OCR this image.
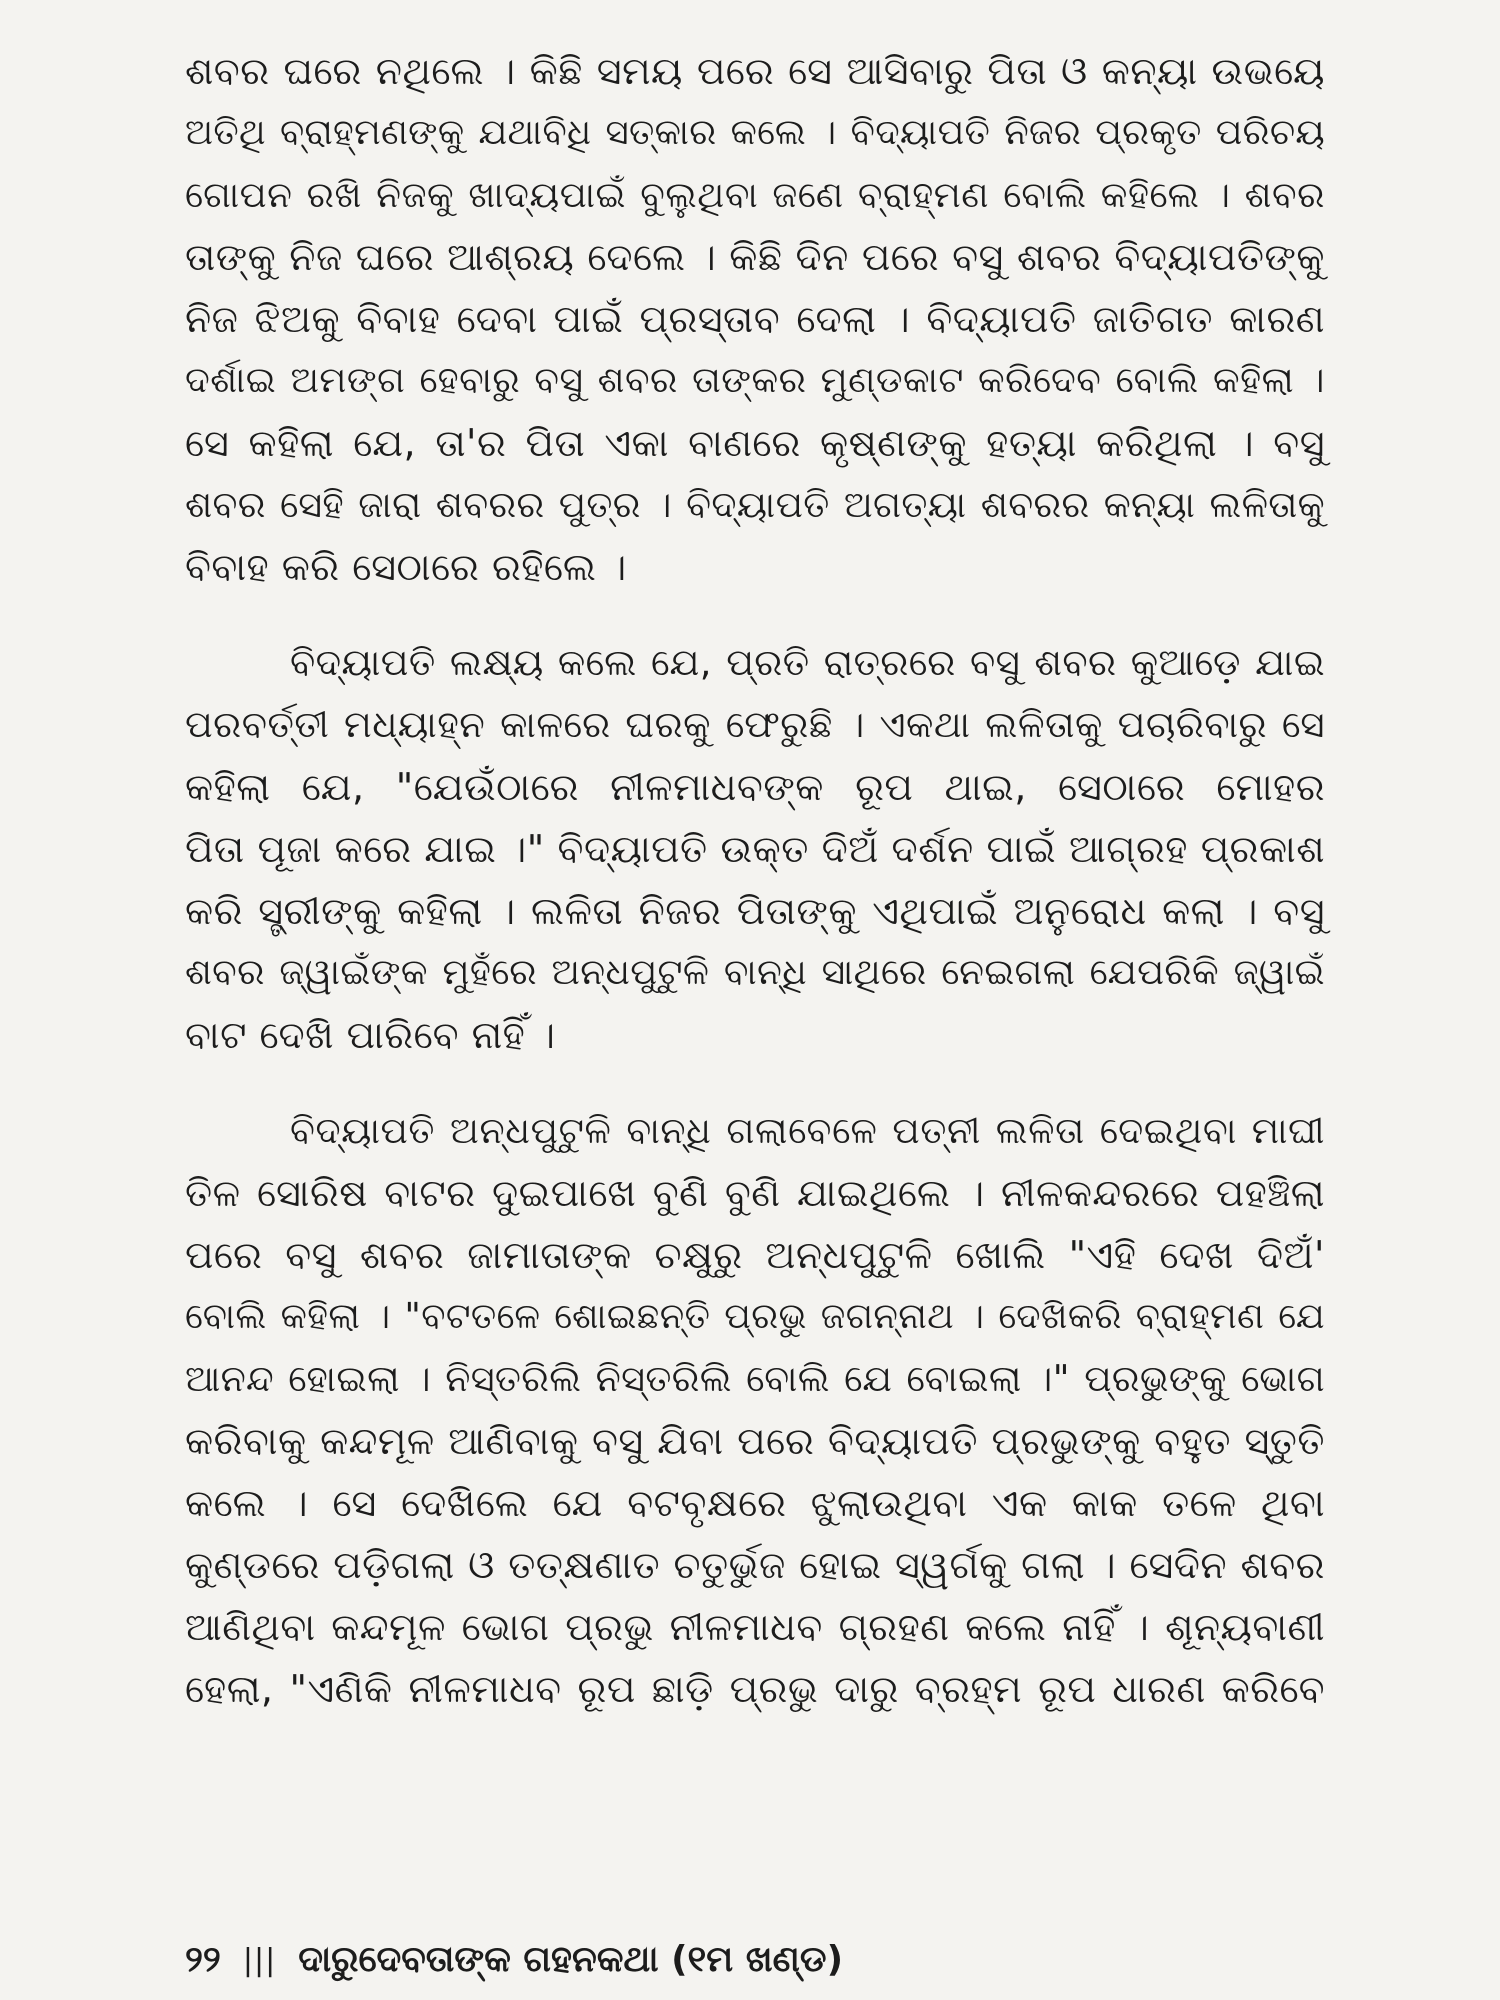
ଶବର ଘରେ ନଥିଲେ । କିଛି ସମୟ ପରେ ସେ ଆସିବାରୁ ପିତା ଓ କନ୍ୟା ଉଭୟେ
ଅତିଥି ବ୍ରାହ୍ମଣଙ୍କୁ ଯଥାବିଧି ସତ୍କାର କଲେ । ବିଦ୍ୟାପତି ନିଜର ପ୍ରକୃତ ପରିଚୟ
ଗୋପନ ରଖି ନିଜକୁ ଖାଦ୍ୟପାଇଁ ବୁଲୁଥିବା ଜଣେ ବ୍ରାହ୍ମଣ ବୋଲି କହିଲେ । ଶବର
ତାଙ୍କୁ ନିଜ ଘରେ ଆଶ୍ରୟ ଦେଲେ । କିଛି ଦିନ ପରେ ବସୁ ଶବର ବିଦ୍ୟାପତିଙ୍କୁ
ନିଜ ଝିଅକୁ ବିବାହ ଦେବା ପାଇଁ ପ୍ରସ୍ତାବ ଦେଲା । ବିଦ୍ୟାପତି ଜାତିଗତ କାରଣ
ଦର୍ଶାଇ ଅମଙ୍ଗ ହେବାରୁ ବସୁ ଶବର ତାଙ୍କର ମୁଣ୍ଡକାଟ କରିଦେବ ବୋଲି କହିଲା ।
ସେ କହିଲା ଯେ, ତା'ର ପିତା ଏକା ବାଣରେ କୃଷ୍ଣଙ୍କୁ ହତ୍ୟା କରିଥିଲା । ବସୁ
ଶବର ସେହି ଜାରା ଶବରର ପୁତ୍ର । ବିଦ୍ୟାପତି ଅଗତ୍ୟା ଶବରର କନ୍ୟା ଲଳିତାକୁ
ବିବାହ କରି ସେଠାରେ ରହିଲେ ।
ବିଦ୍ୟାପତି ଲକ୍ଷ୍ୟ କଲେ ଯେ, ପ୍ରତି ରାତ୍ରରେ ବସୁ ଶବର କୁଆଡ଼େ ଯାଇ
ପରବର୍ତ୍ତୀ ମଧ୍ୟାହ୍ନ କାଳରେ ଘରକୁ ଫେରୁଛି । ଏକଥା ଲଳିତାକୁ ପଚାରିବାରୁ ସେ
କହିଲା ଯେ, "ଯେଉଁଠାରେ ନୀଳମାଧବଙ୍କ ରୂପ ଥାଇ, ସେଠାରେ ମୋହର
ପିତା ପୂଜା କରେ ଯାଇ ।" ବିଦ୍ୟାପତି ଉକ୍ତ ଦିଅଁ ଦର୍ଶନ ପାଇଁ ଆଗ୍ରହ ପ୍ରକାଶ
କରି ସ୍ତ୍ରୀଙ୍କୁ କହିଲା । ଲଳିତା ନିଜର ପିତାଙ୍କୁ ଏଥିପାଇଁ ଅନୁରୋଧ କଲା । ବସୁ
ଶବର ଜ୍ୱାଇଁଙ୍କ ମୁହଁରେ ଅନ୍ଧପୁଟୁଳି ବାନ୍ଧି ସାଥିରେ ନେଇଗଲା ଯେପରିକି ଜ୍ୱାଇଁ
ବାଟ ଦେଖି ପାରିବେ ନାହିଁ ।
ବିଦ୍ୟାପତି ଅନ୍ଧପୁଟୁଳି ବାନ୍ଧି ଗଲାବେଳେ ପତ୍ନୀ ଲଳିତା ଦେଇଥିବା ମାଘୀ
ତିଳ ସୋରିଷ ବାଟର ଦୁଇପାଖେ ବୁଣି ବୁଣି ଯାଇଥିଲେ । ନୀଳକନ୍ଦରରେ ପହଞ୍ଚିଲା
ପରେ ବସୁ ଶବର ଜାମାତାଙ୍କ ଚକ୍ଷୁରୁ ଅନ୍ଧପୁଟୁଳି ଖୋଲି "ଏହି ଦେଖ ଦିଅଁ'
ବୋଲି କହିଲା । "ବଟତଳେ ଶୋଇଛନ୍ତି ପ୍ରଭୁ ଜଗନ୍ନାଥ । ଦେଖିକରି ବ୍ରାହ୍ମଣ ଯେ
ଆନନ୍ଦ ହୋଇଲା । ନିସ୍ତରିଲି ନିସ୍ତରିଲି ବୋଲି ଯେ ବୋଇଲା ।" ପ୍ରଭୁଙ୍କୁ ଭୋଗ
କରିବାକୁ କନ୍ଦମୂଳ ଆଣିବାକୁ ବସୁ ଯିବା ପରେ ବିଦ୍ୟାପତି ପ୍ରଭୁଙ୍କୁ ବହୁତ ସ୍ତୁତି
କଲେ । ସେ ଦେଖିଲେ ଯେ ବଟବୃକ୍ଷରେ ଝୁଲାଉଥିବା ଏକ କାକ ତଳେ ଥିବା
କୁଣ୍ଡରେ ପଡ଼ିଗଲା ଓ ତତ୍‌କ୍ଷଣାତ ଚତୁର୍ଭୁଜ ହୋଇ ସ୍ୱର୍ଗକୁ ଗଲା । ସେଦିନ ଶବର
ଆଣିଥିବା କନ୍ଦମୂଳ ଭୋଗ ପ୍ରଭୁ ନୀଳମାଧବ ଗ୍ରହଣ କଲେ ନାହିଁ । ଶୂନ୍ୟବାଣୀ
ହେଲା, "ଏଣିକି ନୀଳମାଧବ ରୂପ ଛାଡ଼ି ପ୍ରଭୁ ଦାରୁ ବ୍ରହ୍ମ ରୂପ ଧାରଣ କରିବେ
୨୨ ||| ଦାରୁଦେବତାଙ୍କ ଗହନକଥା (୧ମ ଖଣ୍ଡ)
